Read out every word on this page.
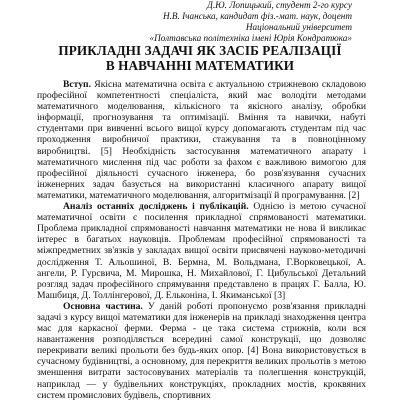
Д.Ю. Лопицький, студент 2-го курсу
Н.В. Ічанська, кандидат фіз.-мат. наук, доцент
Національний університет
«Полтавська політехніка імені Юрія Кондратюка»
ПРИКЛАДНІ ЗАДАЧІ ЯК ЗАСІБ РЕАЛІЗАЦІЇ
В НАВЧАННІ МАТЕМАТИКИ

Вступ. Якісна математична освіта є актуальною стрижневою складовою професійної компетентності спеціаліста, який має володіти методами математичного моделювання, кількісного та якісного аналізу, обробки інформації, прогнозування та оптимізації. Вміння та навички, набуті студентами при вивченні всього вищої курсу допомагають студентам під час проходження виробничої практики, стажування та в повноцінному виробництві. [5] Необхідність застосування математичного апарату і математичного мислення під час роботи за фахом є важливою вимогою для професійної діяльності сучасного інженера, бо розв'язування сучасних інженерних задач базується на використанні класичного апарату вищої математики, математичного моделювання, алгоритмізації й програмування. [2]

Аналіз останніх досліджень і публікацій. Однією із метою сучасної математичної освіти є посилення прикладної спрямованості математики. Проблема прикладної спрямованості навчання математики не нова й викликає інтерес в багатьох науковців. Проблемам професійної спрямованості та міжпредметних зв'язків у закладах вищої освіти присвячені науково-методичні дослідження Т. Альошиної, В. Бермна, М. Вольдмана, Г.Ворковецької, А. ангели, Р. Гурсвича, М. Мирошка, Н. Михайлової, Г. Цибульської Детальний розгляд задач професійного спрямування представлено в працях Г. Балла, Ю. Машбиця, Д. Толлінгерової, Д. Ельконіна, І. Якиманської [3]

Основна частина. У даній роботі пропонуємо розв'язання прикладні задачі з курсу вищої математики для інженерів на прикладі знаходження центра мас для каркасної ферми. Ферма - це така система стрижнів, коли вся навантаження розподіляється всередині самої конструкції, що дозволяє перекривати великі прольоти без будь-яких опор. [4] Вона використовується в сучасному будівництві, а основному, для перекриття великих прольотів з метою зменшення витрати застосовуваних матеріалів та полегшення конструкцій, наприклад — у будівельних конструкціях, прокладних мостів, кроквяних систем промислових будівель, спортивних
